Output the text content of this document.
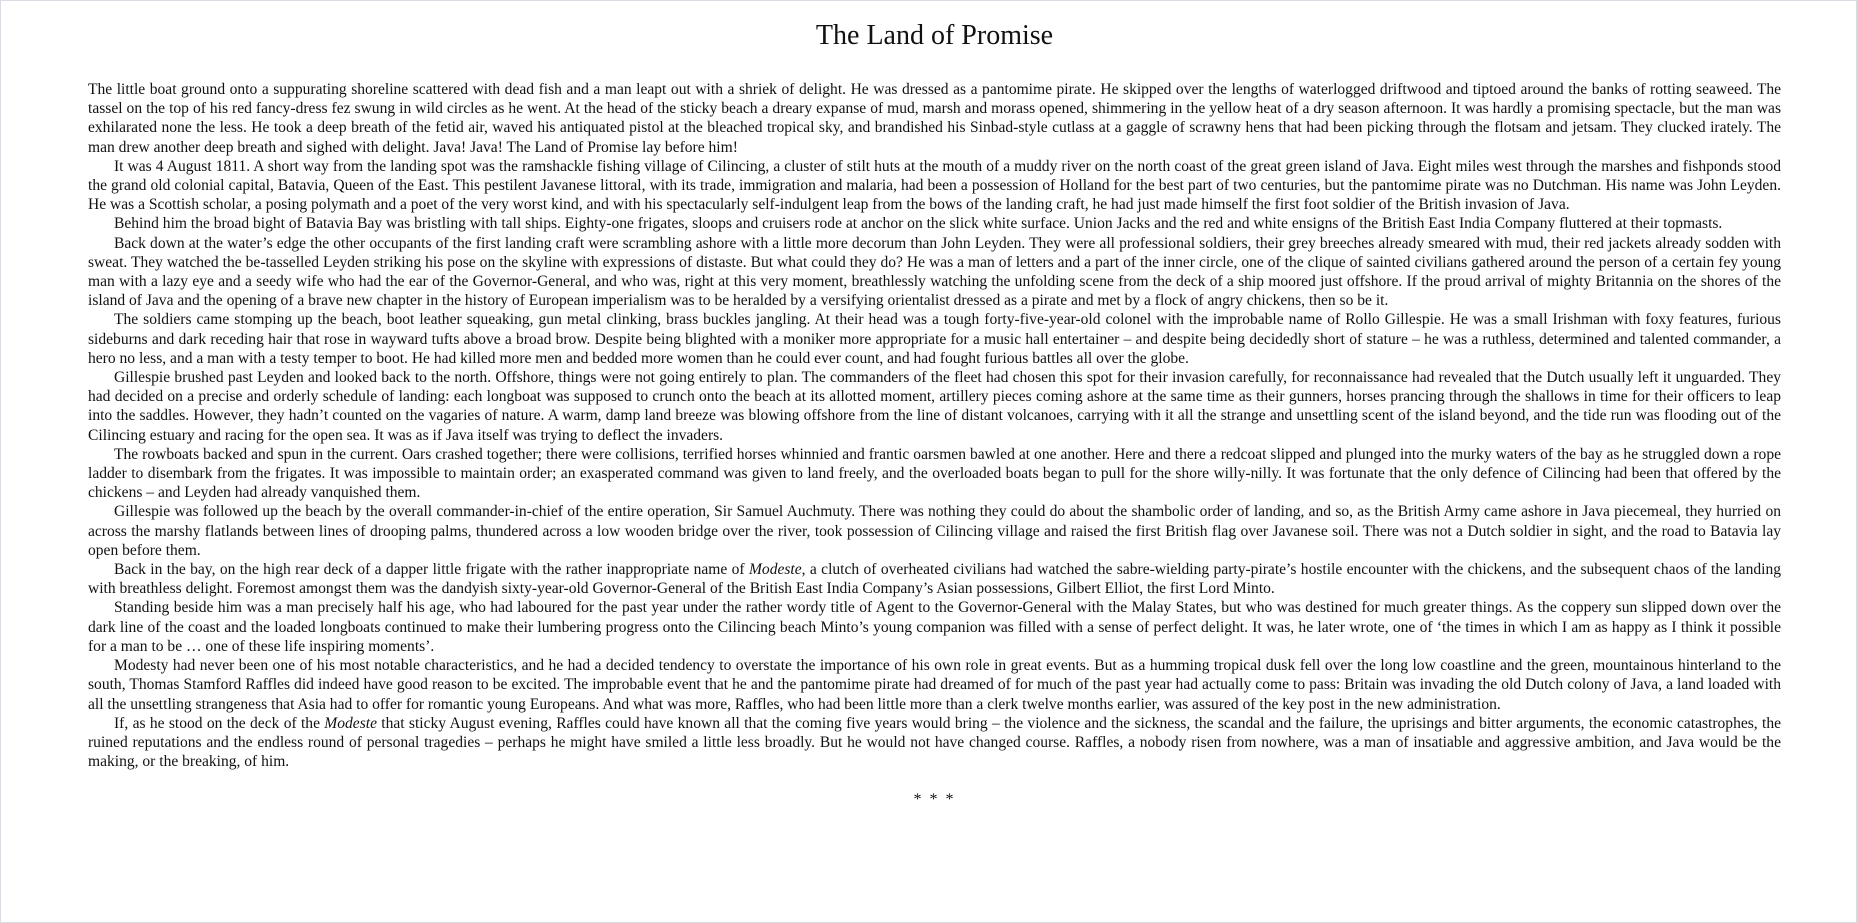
The Land of Promise

The little boat ground onto a suppurating shoreline scattered with dead fish and a man leapt out with a shriek of delight. He was dressed as a pantomime pirate. He skipped over the lengths of waterlogged driftwood and tiptoed around the banks of rotting seaweed. The tassel on the top of his red fancy-dress fez swung in wild circles as he went. At the head of the sticky beach a dreary expanse of mud, marsh and morass opened, shimmering in the yellow heat of a dry season afternoon. It was hardly a promising spectacle, but the man was exhilarated none the less. He took a deep breath of the fetid air, waved his antiquated pistol at the bleached tropical sky, and brandished his Sinbad-style cutlass at a gaggle of scrawny hens that had been picking through the flotsam and jetsam. They clucked irately. The man drew another deep breath and sighed with delight. Java! Java! The Land of Promise lay before him!

It was 4 August 1811. A short way from the landing spot was the ramshackle fishing village of Cilincing, a cluster of stilt huts at the mouth of a muddy river on the north coast of the great green island of Java. Eight miles west through the marshes and fishponds stood the grand old colonial capital, Batavia, Queen of the East. This pestilent Javanese littoral, with its trade, immigration and malaria, had been a possession of Holland for the best part of two centuries, but the pantomime pirate was no Dutchman. His name was John Leyden. He was a Scottish scholar, a posing polymath and a poet of the very worst kind, and with his spectacularly self-indulgent leap from the bows of the landing craft, he had just made himself the first foot soldier of the British invasion of Java.

Behind him the broad bight of Batavia Bay was bristling with tall ships. Eighty-one frigates, sloops and cruisers rode at anchor on the slick white surface. Union Jacks and the red and white ensigns of the British East India Company fluttered at their topmasts.

Back down at the water’s edge the other occupants of the first landing craft were scrambling ashore with a little more decorum than John Leyden. They were all professional soldiers, their grey breeches already smeared with mud, their red jackets already sodden with sweat. They watched the be-tasselled Leyden striking his pose on the skyline with expressions of distaste. But what could they do? He was a man of letters and a part of the inner circle, one of the clique of sainted civilians gathered around the person of a certain fey young man with a lazy eye and a seedy wife who had the ear of the Governor-General, and who was, right at this very moment, breathlessly watching the unfolding scene from the deck of a ship moored just offshore. If the proud arrival of mighty Britannia on the shores of the island of Java and the opening of a brave new chapter in the history of European imperialism was to be heralded by a versifying orientalist dressed as a pirate and met by a flock of angry chickens, then so be it.

The soldiers came stomping up the beach, boot leather squeaking, gun metal clinking, brass buckles jangling. At their head was a tough forty-five-year-old colonel with the improbable name of Rollo Gillespie. He was a small Irishman with foxy features, furious sideburns and dark receding hair that rose in wayward tufts above a broad brow. Despite being blighted with a moniker more appropriate for a music hall entertainer – and despite being decidedly short of stature – he was a ruthless, determined and talented commander, a hero no less, and a man with a testy temper to boot. He had killed more men and bedded more women than he could ever count, and had fought furious battles all over the globe.

Gillespie brushed past Leyden and looked back to the north. Offshore, things were not going entirely to plan. The commanders of the fleet had chosen this spot for their invasion carefully, for reconnaissance had revealed that the Dutch usually left it unguarded. They had decided on a precise and orderly schedule of landing: each longboat was supposed to crunch onto the beach at its allotted moment, artillery pieces coming ashore at the same time as their gunners, horses prancing through the shallows in time for their officers to leap into the saddles. However, they hadn’t counted on the vagaries of nature. A warm, damp land breeze was blowing offshore from the line of distant volcanoes, carrying with it all the strange and unsettling scent of the island beyond, and the tide run was flooding out of the Cilincing estuary and racing for the open sea. It was as if Java itself was trying to deflect the invaders.

The rowboats backed and spun in the current. Oars crashed together; there were collisions, terrified horses whinnied and frantic oarsmen bawled at one another. Here and there a redcoat slipped and plunged into the murky waters of the bay as he struggled down a rope ladder to disembark from the frigates. It was impossible to maintain order; an exasperated command was given to land freely, and the overloaded boats began to pull for the shore willy-nilly. It was fortunate that the only defence of Cilincing had been that offered by the chickens – and Leyden had already vanquished them.

Gillespie was followed up the beach by the overall commander-in-chief of the entire operation, Sir Samuel Auchmuty. There was nothing they could do about the shambolic order of landing, and so, as the British Army came ashore in Java piecemeal, they hurried on across the marshy flatlands between lines of drooping palms, thundered across a low wooden bridge over the river, took possession of Cilincing village and raised the first British flag over Javanese soil. There was not a Dutch soldier in sight, and the road to Batavia lay open before them.

Back in the bay, on the high rear deck of a dapper little frigate with the rather inappropriate name of Modeste, a clutch of overheated civilians had watched the sabre-wielding party-pirate’s hostile encounter with the chickens, and the subsequent chaos of the landing with breathless delight. Foremost amongst them was the dandyish sixty-year-old Governor-General of the British East India Company’s Asian possessions, Gilbert Elliot, the first Lord Minto.

Standing beside him was a man precisely half his age, who had laboured for the past year under the rather wordy title of Agent to the Governor-General with the Malay States, but who was destined for much greater things. As the coppery sun slipped down over the dark line of the coast and the loaded longboats continued to make their lumbering progress onto the Cilincing beach Minto’s young companion was filled with a sense of perfect delight. It was, he later wrote, one of ‘the times in which I am as happy as I think it possible for a man to be … one of these life inspiring moments’.

Modesty had never been one of his most notable characteristics, and he had a decided tendency to overstate the importance of his own role in great events. But as a humming tropical dusk fell over the long low coastline and the green, mountainous hinterland to the south, Thomas Stamford Raffles did indeed have good reason to be excited. The improbable event that he and the pantomime pirate had dreamed of for much of the past year had actually come to pass: Britain was invading the old Dutch colony of Java, a land loaded with all the unsettling strangeness that Asia had to offer for romantic young Europeans. And what was more, Raffles, who had been little more than a clerk twelve months earlier, was assured of the key post in the new administration.

If, as he stood on the deck of the Modeste that sticky August evening, Raffles could have known all that the coming five years would bring – the violence and the sickness, the scandal and the failure, the uprisings and bitter arguments, the economic catastrophes, the ruined reputations and the endless round of personal tragedies – perhaps he might have smiled a little less broadly. But he would not have changed course. Raffles, a nobody risen from nowhere, was a man of insatiable and aggressive ambition, and Java would be the making, or the breaking, of him.

* * *
